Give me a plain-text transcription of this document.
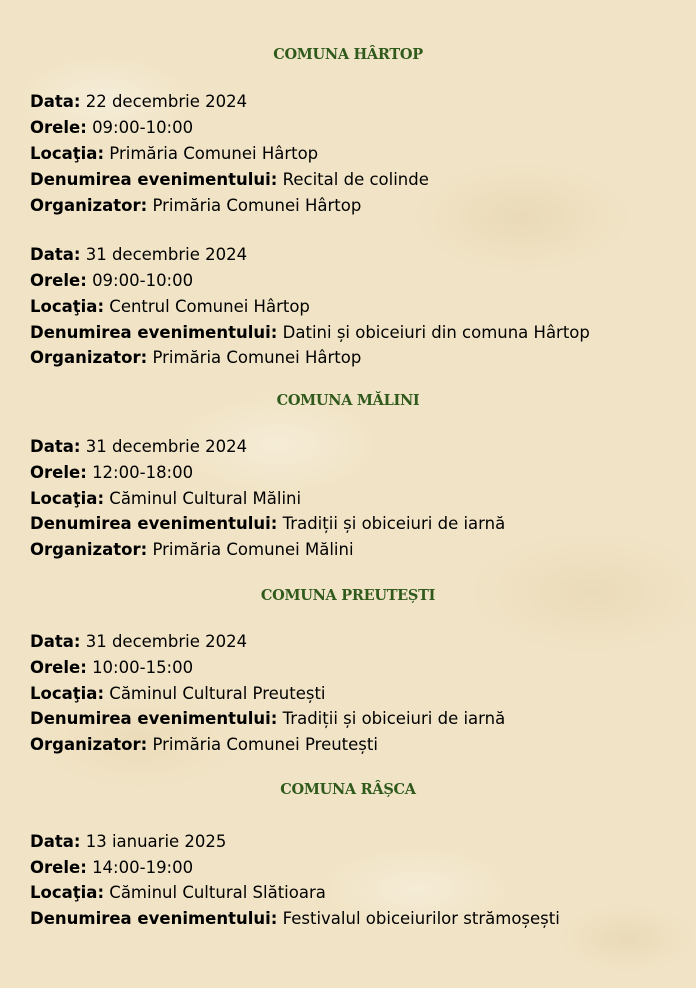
COMUNA HÂRTOP
Data: 22 decembrie 2024
Orele: 09:00-10:00
Locaţia: Primăria Comunei Hârtop
Denumirea evenimentului: Recital de colinde
Organizator: Primăria Comunei Hârtop
Data: 31 decembrie 2024
Orele: 09:00-10:00
Locaţia: Centrul Comunei Hârtop
Denumirea evenimentului: Datini și obiceiuri din comuna Hârtop
Organizator: Primăria Comunei Hârtop
COMUNA MĂLINI
Data: 31 decembrie 2024
Orele: 12:00-18:00
Locaţia: Căminul Cultural Mălini
Denumirea evenimentului: Tradiții și obiceiuri de iarnă
Organizator: Primăria Comunei Mălini
COMUNA PREUTEȘTI
Data: 31 decembrie 2024
Orele: 10:00-15:00
Locaţia: Căminul Cultural Preutești
Denumirea evenimentului: Tradiții și obiceiuri de iarnă
Organizator: Primăria Comunei Preutești
COMUNA RÂȘCA
Data: 13 ianuarie 2025
Orele: 14:00-19:00
Locaţia: Căminul Cultural Slătioara
Denumirea evenimentului: Festivalul obiceiurilor strămoșești
